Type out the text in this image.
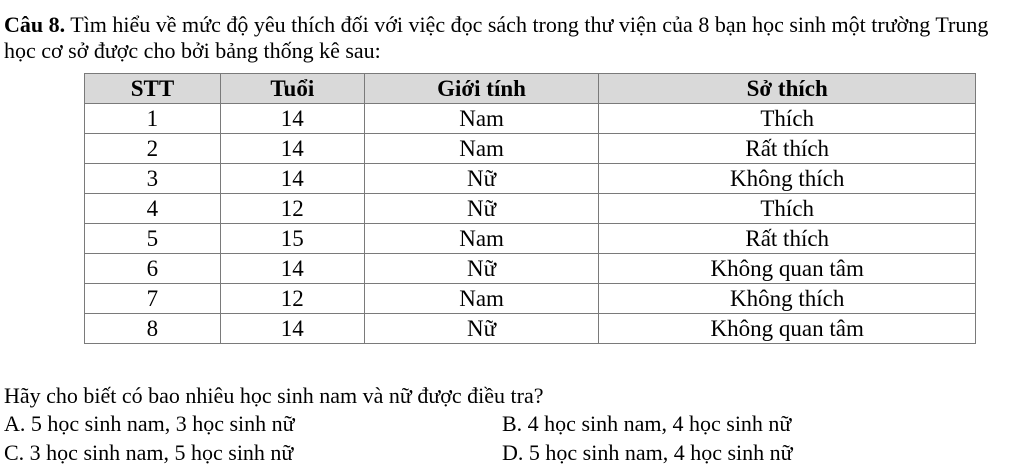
Câu 8. Tìm hiểu về mức độ yêu thích đối với việc đọc sách trong thư viện của 8 bạn học sinh một trường Trung học cơ sở được cho bởi bảng thống kê sau:
STT	Tuổi	Giới tính	Sở thích
1	14	Nam	Thích
2	14	Nam	Rất thích
3	14	Nữ	Không thích
4	12	Nữ	Thích
5	15	Nam	Rất thích
6	14	Nữ	Không quan tâm
7	12	Nam	Không thích
8	14	Nữ	Không quan tâm
Hãy cho biết có bao nhiêu học sinh nam và nữ được điều tra?
A. 5 học sinh nam, 3 học sinh nữ	B. 4 học sinh nam, 4 học sinh nữ
C. 3 học sinh nam, 5 học sinh nữ	D. 5 học sinh nam, 4 học sinh nữ
